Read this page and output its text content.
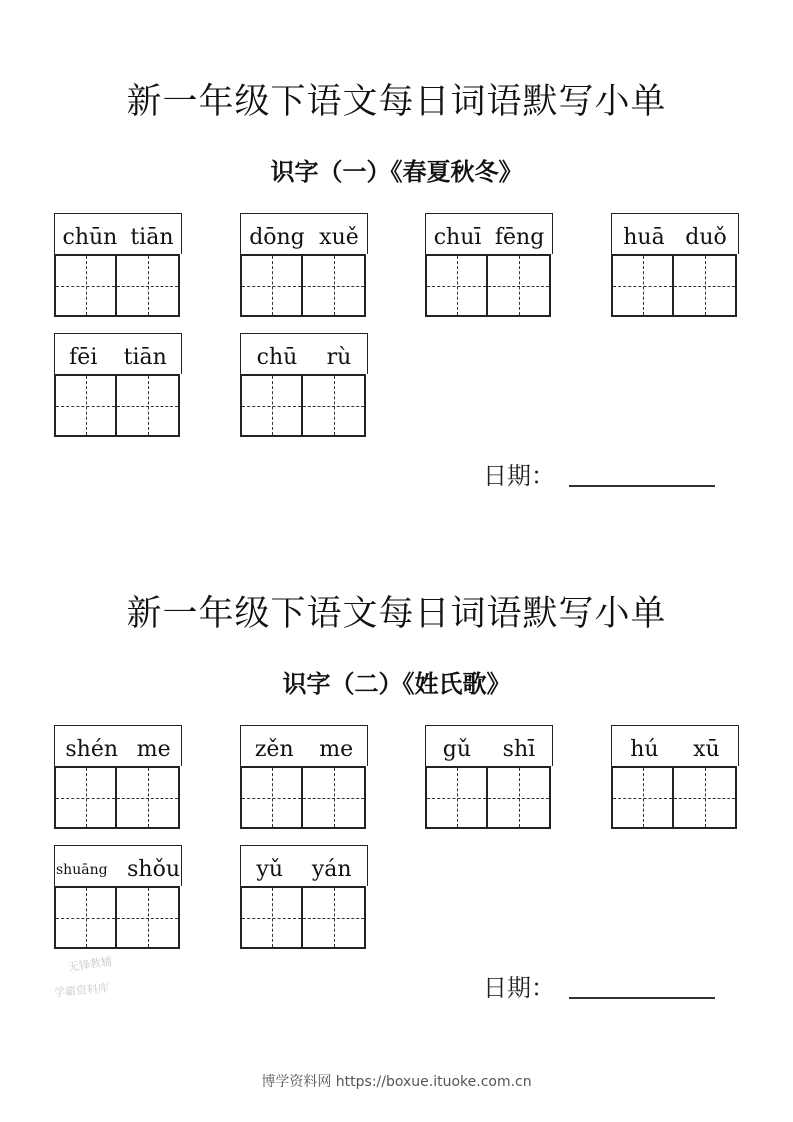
新一年级下语文每日词语默写小单
识字（一）《春夏秋冬》
chūn tiān	dōng xuě	chuī fēng	huā duǒ
fēi tiān	chū rù
日期：
新一年级下语文每日词语默写小单
识字（二）《姓氏歌》
shén me	zěn me	gǔ shī	hú xū
shuāng shǒu	yǔ yán
日期：
无锋教辅
学霸资料库
博学资料网 https://boxue.ituoke.com.cn
